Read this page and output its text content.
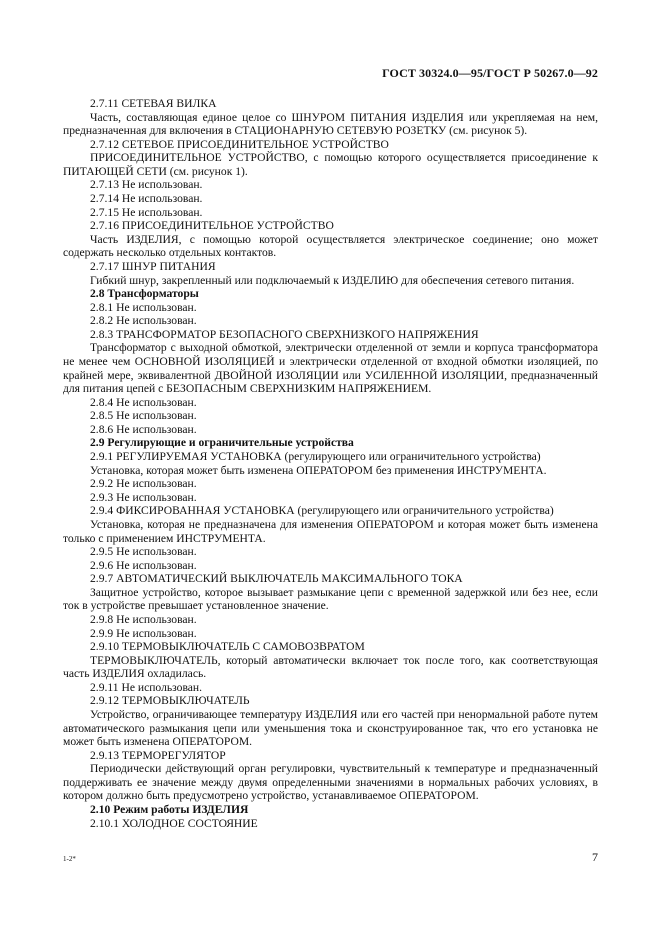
ГОСТ 30324.0—95/ГОСТ Р 50267.0—92

2.7.11 СЕТЕВАЯ ВИЛКА

Часть, составляющая единое целое со ШНУРОМ ПИТАНИЯ ИЗДЕЛИЯ или укрепляемая на нем, предназначенная для включения в СТАЦИОНАРНУЮ СЕТЕВУЮ РОЗЕТКУ (см. рисунок 5).

2.7.12 СЕТЕВОЕ ПРИСОЕДИНИТЕЛЬНОЕ УСТРОЙСТВО

ПРИСОЕДИНИТЕЛЬНОЕ УСТРОЙСТВО, с помощью которого осуществляется присоединение к ПИТАЮЩЕЙ СЕТИ (см. рисунок 1).

2.7.13 Не использован.

2.7.14 Не использован.

2.7.15 Не использован.

2.7.16 ПРИСОЕДИНИТЕЛЬНОЕ УСТРОЙСТВО

Часть ИЗДЕЛИЯ, с помощью которой осуществляется электрическое соединение; оно может содержать несколько отдельных контактов.

2.7.17 ШНУР ПИТАНИЯ

Гибкий шнур, закрепленный или подключаемый к ИЗДЕЛИЮ для обеспечения сетевого питания.

2.8 Трансформаторы

2.8.1 Не использован.

2.8.2 Не использован.

2.8.3 ТРАНСФОРМАТОР БЕЗОПАСНОГО СВЕРХНИЗКОГО НАПРЯЖЕНИЯ

Трансформатор с выходной обмоткой, электрически отделенной от земли и корпуса трансформатора не менее чем ОСНОВНОЙ ИЗОЛЯЦИЕЙ и электрически отделенной от входной обмотки изоляцией, по крайней мере, эквивалентной ДВОЙНОЙ ИЗОЛЯЦИИ или УСИЛЕННОЙ ИЗОЛЯЦИИ, предназначенный для питания цепей с БЕЗОПАСНЫМ СВЕРХНИЗКИМ НАПРЯЖЕНИЕМ.

2.8.4 Не использован.

2.8.5 Не использован.

2.8.6 Не использован.

2.9 Регулирующие и ограничительные устройства

2.9.1 РЕГУЛИРУЕМАЯ УСТАНОВКА (регулирующего или ограничительного устройства)

Установка, которая может быть изменена ОПЕРАТОРОМ без применения ИНСТРУМЕНТА.

2.9.2 Не использован.

2.9.3 Не использован.

2.9.4 ФИКСИРОВАННАЯ УСТАНОВКА (регулирующего или ограничительного устройства)

Установка, которая не предназначена для изменения ОПЕРАТОРОМ и которая может быть изменена только с применением ИНСТРУМЕНТА.

2.9.5 Не использован.

2.9.6 Не использован.

2.9.7 АВТОМАТИЧЕСКИЙ ВЫКЛЮЧАТЕЛЬ МАКСИМАЛЬНОГО ТОКА

Защитное устройство, которое вызывает размыкание цепи с временной задержкой или без нее, если ток в устройстве превышает установленное значение.

2.9.8 Не использован.

2.9.9 Не использован.

2.9.10 ТЕРМОВЫКЛЮЧАТЕЛЬ С САМОВОЗВРАТОМ

ТЕРМОВЫКЛЮЧАТЕЛЬ, который автоматически включает ток после того, как соответствующая часть ИЗДЕЛИЯ охладилась.

2.9.11 Не использован.

2.9.12 ТЕРМОВЫКЛЮЧАТЕЛЬ

Устройство, ограничивающее температуру ИЗДЕЛИЯ или его частей при ненормальной работе путем автоматического размыкания цепи или уменьшения тока и сконструированное так, что его установка не может быть изменена ОПЕРАТОРОМ.

2.9.13 ТЕРМОРЕГУЛЯТОР

Периодически действующий орган регулировки, чувствительный к температуре и предназначенный поддерживать ее значение между двумя определенными значениями в нормальных рабочих условиях, в котором должно быть предусмотрено устройство, устанавливаемое ОПЕРАТОРОМ.

2.10 Режим работы ИЗДЕЛИЯ

2.10.1 ХОЛОДНОЕ СОСТОЯНИЕ

1-2*	7
